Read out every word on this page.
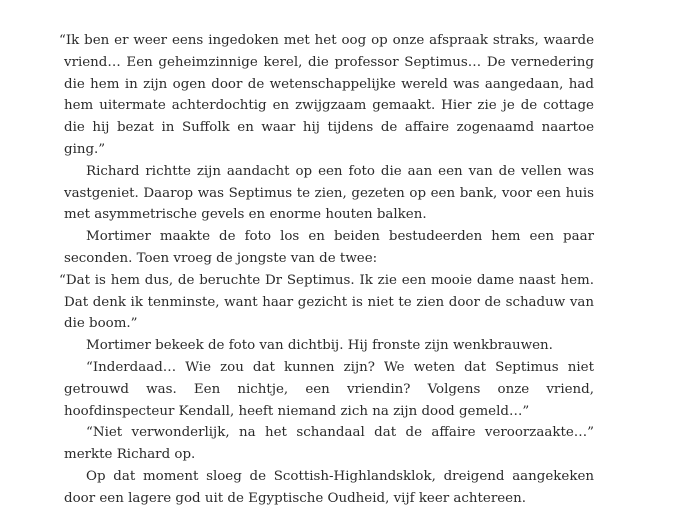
“Ik ben er weer eens ingedoken met het oog op onze afspraak straks, waarde vriend… Een geheimzinnige kerel, die professor Septimus… De vernedering die hem in zijn ogen door de wetenschappelijke wereld was aangedaan, had hem uitermate achterdochtig en zwijgzaam gemaakt. Hier zie je de cottage die hij bezat in Suffolk en waar hij tijdens de affaire zogenaamd naartoe ging.”

Richard richtte zijn aandacht op een foto die aan een van de vellen was vastgeniet. Daarop was Septimus te zien, gezeten op een bank, voor een huis met asymmetrische gevels en enorme houten balken.

Mortimer maakte de foto los en beiden bestudeerden hem een paar seconden. Toen vroeg de jongste van de twee:

“Dat is hem dus, de beruchte Dr Septimus. Ik zie een mooie dame naast hem. Dat denk ik tenminste, want haar gezicht is niet te zien door de schaduw van die boom.”

Mortimer bekeek de foto van dichtbij. Hij fronste zijn wenkbrauwen.

“Inderdaad… Wie zou dat kunnen zijn? We weten dat Septimus niet getrouwd was. Een nichtje, een vriendin? Volgens onze vriend, hoofdinspecteur Kendall, heeft niemand zich na zijn dood gemeld…”

“Niet verwonderlijk, na het schandaal dat de affaire veroorzaakte…” merkte Richard op.

Op dat moment sloeg de Scottish-Highlandsklok, dreigend aangekeken door een lagere god uit de Egyptische Oudheid, vijf keer achtereen.
